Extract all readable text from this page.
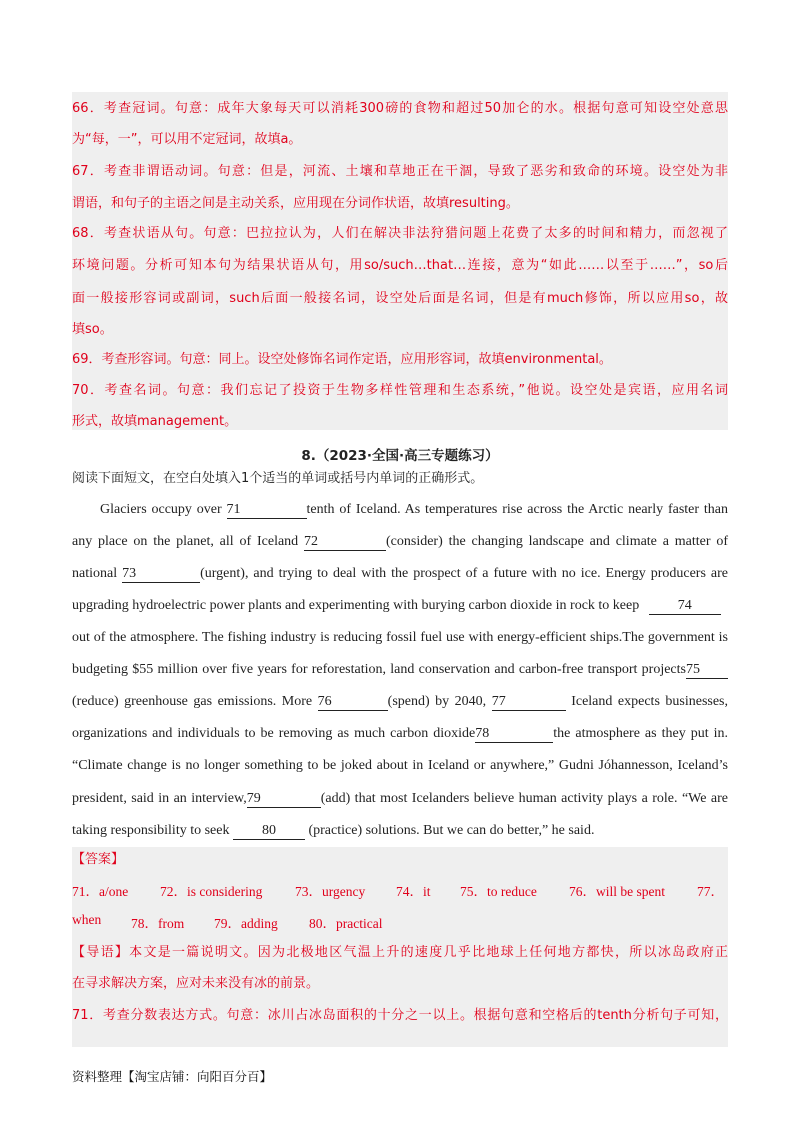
66．考查冠词。句意：成年大象每天可以消耗300磅的食物和超过50加仑的水。根据句意可知设空处意思
为“每，一”，可以用不定冠词，故填a。
67．考查非谓语动词。句意：但是，河流、土壤和草地正在干涸，导致了恶劣和致命的环境。设空处为非
谓语，和句子的主语之间是主动关系，应用现在分词作状语，故填resulting。
68．考查状语从句。句意：巴拉拉认为，人们在解决非法狩猎问题上花费了太多的时间和精力，而忽视了
环境问题。分析可知本句为结果状语从句，用so/such…that…连接，意为“如此……以至于……”，so后
面一般接形容词或副词，such后面一般接名词，设空处后面是名词，但是有much修饰，所以应用so，故
填so。
69．考查形容词。句意：同上。设空处修饰名词作定语，应用形容词，故填environmental。
70．考查名词。句意：我们忘记了投资于生物多样性管理和生态系统，”他说。设空处是宾语，应用名词
形式，故填management。
8.（2023·全国·高三专题练习）
阅读下面短文，在空白处填入1个适当的单词或括号内单词的正确形式。
Glaciers occupy over 71	tenth of Iceland. As temperatures rise across the Arctic nearly faster than
any place on the planet, all of Iceland 72	(consider) the changing landscape and climate a matter of
national 73	(urgent), and trying to deal with the prospect of a future with no ice. Energy producers are
upgrading hydroelectric power plants and experimenting with burying carbon dioxide in rock to keep	74
out of the atmosphere. The fishing industry is reducing fossil fuel use with energy-efficient ships.The government is
budgeting $55 million over five years for reforestation, land conservation and carbon-free transport projects75
(reduce) greenhouse gas emissions. More 76	(spend) by 2040, 77	Iceland expects businesses,
organizations and individuals to be removing as much carbon dioxide78	the atmosphere as they put in.
“Climate change is no longer something to be joked about in Iceland or anywhere,” Gudni Jóhannesson, Iceland’s
president, said in an interview,79	(add) that most Icelanders believe human activity plays a role. “We are
taking responsibility to seek 80 (practice) solutions. But we can do better,” he said.
【答案】
71．a/one 72．is considering 73．urgency 74．it 75．to reduce 76．will be spent 77．
when 78．from 79．adding 80．practical
【导语】本文是一篇说明文。因为北极地区气温上升的速度几乎比地球上任何地方都快，所以冰岛政府正
在寻求解决方案，应对未来没有冰的前景。
71．考查分数表达方式。句意：冰川占冰岛面积的十分之一以上。根据句意和空格后的tenth分析句子可知，
资料整理【淘宝店铺：向阳百分百】
